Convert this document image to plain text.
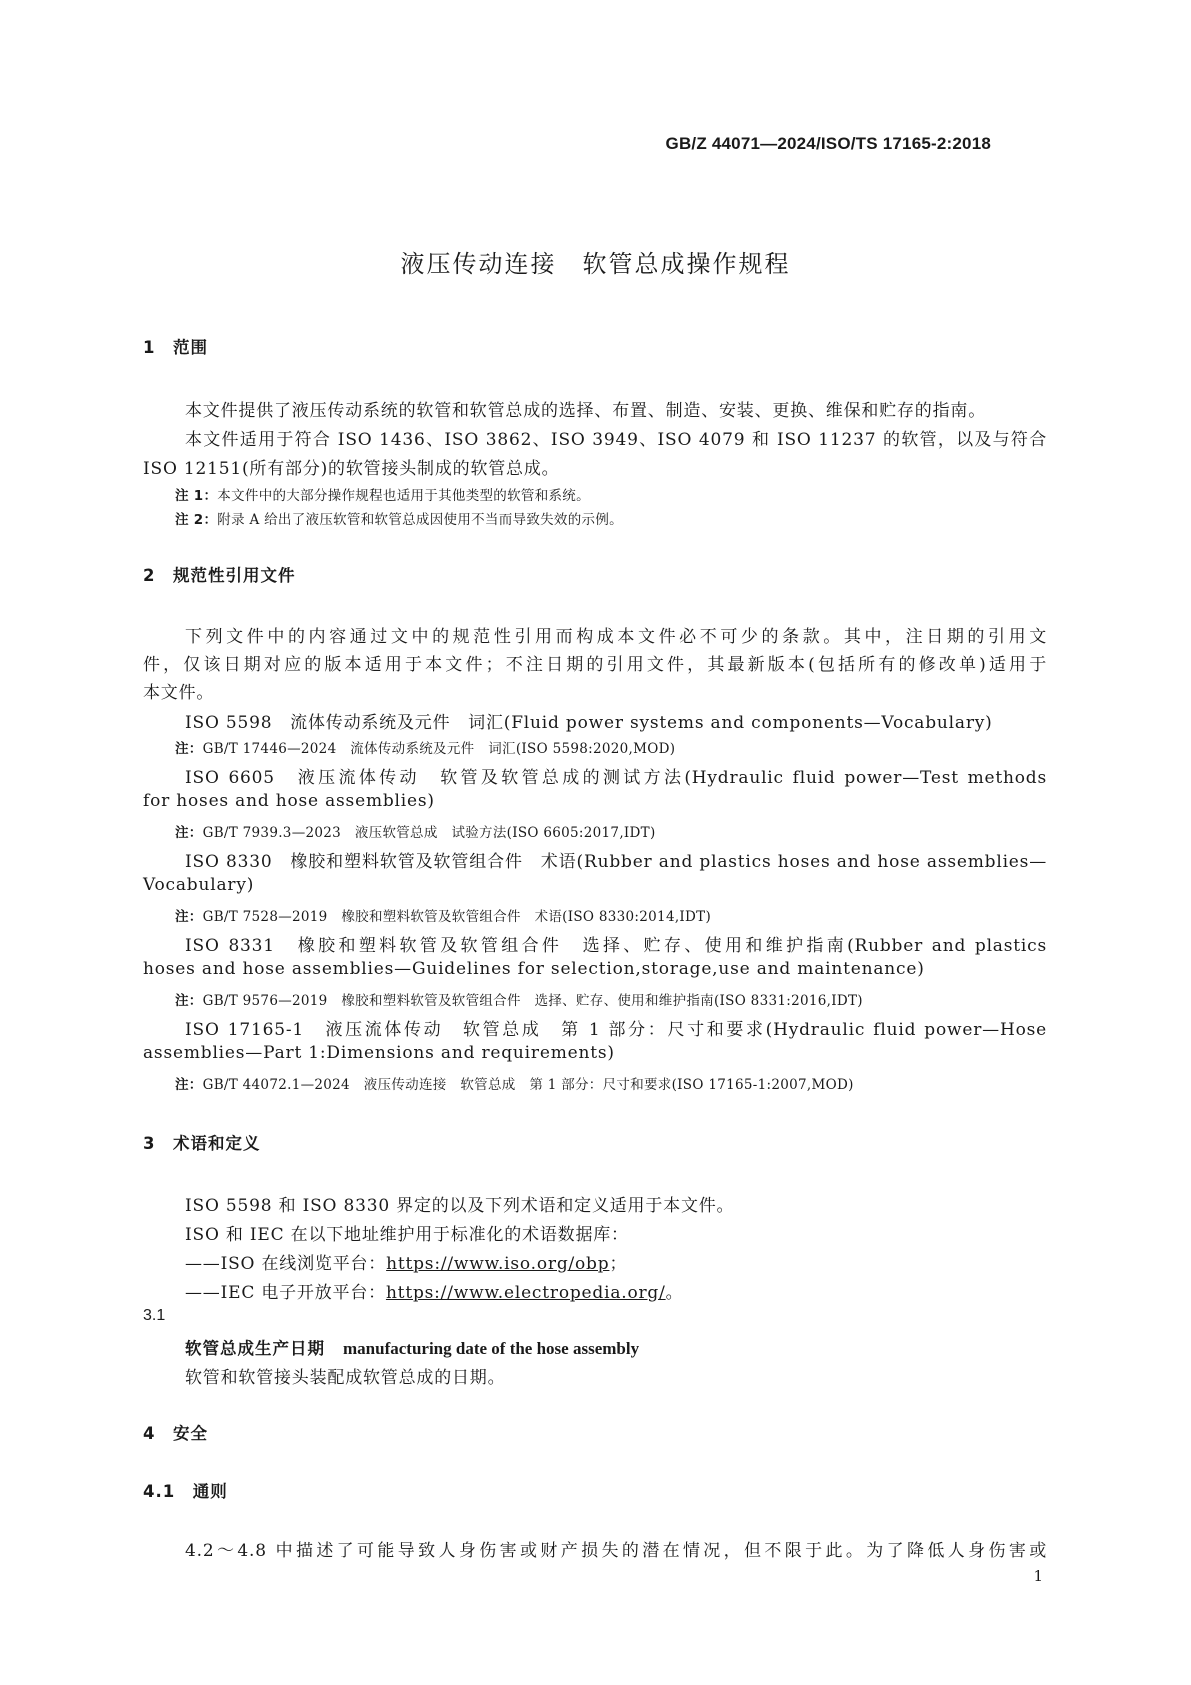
GB/Z 44071—2024/ISO/TS 17165-2:2018
液压传动连接　软管总成操作规程
1　范围
本文件提供了液压传动系统的软管和软管总成的选择、布置、制造、安装、更换、维保和贮存的指南。
本文件适用于符合 ISO 1436、ISO 3862、ISO 3949、ISO 4079 和 ISO 11237 的软管，以及与符合
ISO 12151(所有部分)的软管接头制成的软管总成。
注 1：本文件中的大部分操作规程也适用于其他类型的软管和系统。
注 2：附录 A 给出了液压软管和软管总成因使用不当而导致失效的示例。
2　规范性引用文件
下列文件中的内容通过文中的规范性引用而构成本文件必不可少的条款。其中，注日期的引用文
件，仅该日期对应的版本适用于本文件；不注日期的引用文件，其最新版本(包括所有的修改单)适用于
本文件。
ISO 5598　流体传动系统及元件　词汇(Fluid power systems and components—Vocabulary)
注：GB/T 17446—2024　流体传动系统及元件　词汇(ISO 5598:2020,MOD)
ISO 6605　液压流体传动　软管及软管总成的测试方法(Hydraulic fluid power—Test methods
for hoses and hose assemblies)
注：GB/T 7939.3—2023　液压软管总成　试验方法(ISO 6605:2017,IDT)
ISO 8330　橡胶和塑料软管及软管组合件　术语(Rubber and plastics hoses and hose assemblies—
Vocabulary)
注：GB/T 7528—2019　橡胶和塑料软管及软管组合件　术语(ISO 8330:2014,IDT)
ISO 8331　橡胶和塑料软管及软管组合件　选择、贮存、使用和维护指南(Rubber and plastics
hoses and hose assemblies—Guidelines for selection,storage,use and maintenance)
注：GB/T 9576—2019　橡胶和塑料软管及软管组合件　选择、贮存、使用和维护指南(ISO 8331:2016,IDT)
ISO 17165-1　液压流体传动　软管总成　第 1 部分：尺寸和要求(Hydraulic fluid power—Hose
assemblies—Part 1:Dimensions and requirements)
注：GB/T 44072.1—2024　液压传动连接　软管总成　第 1 部分：尺寸和要求(ISO 17165-1:2007,MOD)
3　术语和定义
ISO 5598 和 ISO 8330 界定的以及下列术语和定义适用于本文件。
ISO 和 IEC 在以下地址维护用于标准化的术语数据库：
——ISO 在线浏览平台：https://www.iso.org/obp；
——IEC 电子开放平台：https://www.electropedia.org/。
3.1
软管总成生产日期 manufacturing date of the hose assembly
软管和软管接头装配成软管总成的日期。
4　安全
4.1　通则
4.2～4.8 中描述了可能导致人身伤害或财产损失的潜在情况，但不限于此。为了降低人身伤害或
1
